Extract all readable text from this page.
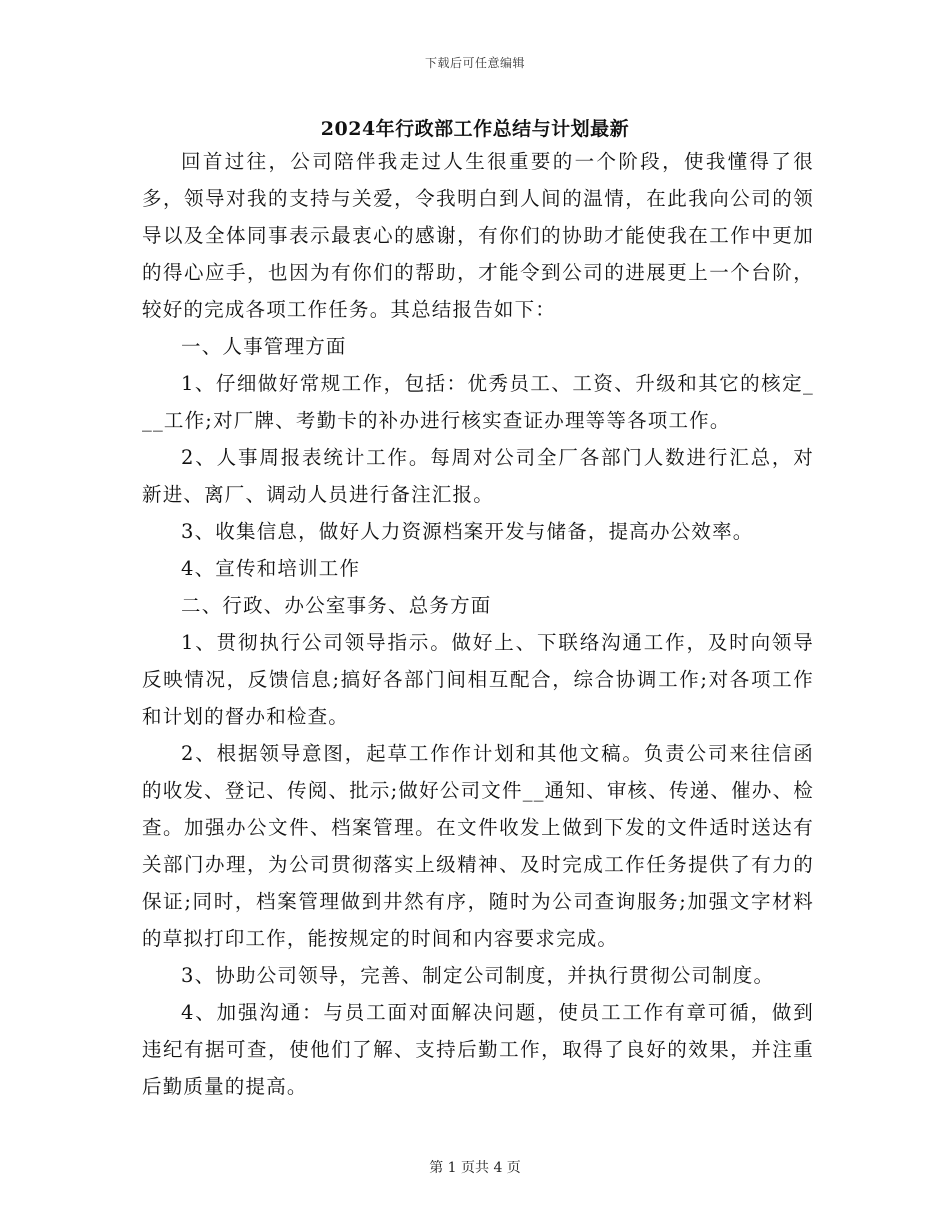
下载后可任意编辑
2024年行政部工作总结与计划最新

回首过往，公司陪伴我走过人生很重要的一个阶段，使我懂得了很多，领导对我的支持与关爱，令我明白到人间的温情，在此我向公司的领导以及全体同事表示最衷心的感谢，有你们的协助才能使我在工作中更加的得心应手，也因为有你们的帮助，才能令到公司的进展更上一个台阶，较好的完成各项工作任务。其总结报告如下：

一、人事管理方面

1、仔细做好常规工作，包括：优秀员工、工资、升级和其它的核定___工作;对厂牌、考勤卡的补办进行核实查证办理等等各项工作。

2、人事周报表统计工作。每周对公司全厂各部门人数进行汇总，对新进、离厂、调动人员进行备注汇报。

3、收集信息，做好人力资源档案开发与储备，提高办公效率。

4、宣传和培训工作

二、行政、办公室事务、总务方面

1、贯彻执行公司领导指示。做好上、下联络沟通工作，及时向领导反映情况，反馈信息;搞好各部门间相互配合，综合协调工作;对各项工作和计划的督办和检查。

2、根据领导意图，起草工作作计划和其他文稿。负责公司来往信函的收发、登记、传阅、批示;做好公司文件__通知、审核、传递、催办、检查。加强办公文件、档案管理。在文件收发上做到下发的文件适时送达有关部门办理，为公司贯彻落实上级精神、及时完成工作任务提供了有力的保证;同时，档案管理做到井然有序，随时为公司查询服务;加强文字材料的草拟打印工作，能按规定的时间和内容要求完成。

3、协助公司领导，完善、制定公司制度，并执行贯彻公司制度。

4、加强沟通：与员工面对面解决问题，使员工工作有章可循，做到违纪有据可查，使他们了解、支持后勤工作，取得了良好的效果，并注重后勤质量的提高。

第 1 页共 4 页
